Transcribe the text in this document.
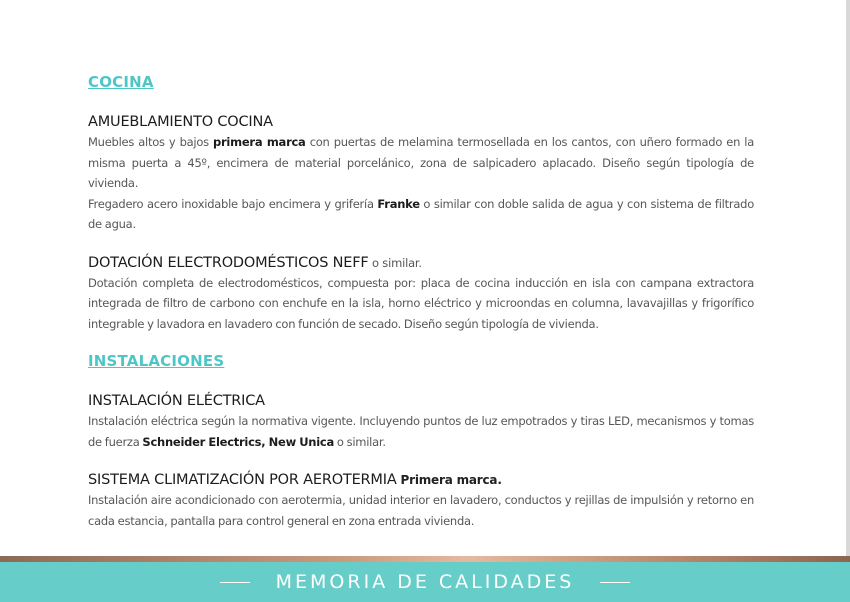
COCINA
AMUEBLAMIENTO COCINA

Muebles altos y bajos primera marca con puertas de melamina termosellada en los cantos, con uñero formado en la misma puerta a 45º, encimera de material porcelánico, zona de salpicadero aplacado. Diseño según tipología de vivienda.

Fregadero acero inoxidable bajo encimera y grifería Franke o similar con doble salida de agua y con sistema de filtrado de agua.

DOTACIÓN ELECTRODOMÉSTICOS NEFF o similar.

Dotación completa de electrodomésticos, compuesta por: placa de cocina inducción en isla con campana extractora integrada de filtro de carbono con enchufe en la isla, horno eléctrico y microondas en columna, lavavajillas y frigorífico integrable y lavadora en lavadero con función de secado. Diseño según tipología de vivienda.

INSTALACIONES
INSTALACIÓN ELÉCTRICA

Instalación eléctrica según la normativa vigente. Incluyendo puntos de luz empotrados y tiras LED, mecanismos y tomas de fuerza Schneider Electrics, New Unica o similar.

SISTEMA CLIMATIZACIÓN POR AEROTERMIA Primera marca.

Instalación aire acondicionado con aerotermia, unidad interior en lavadero, conductos y rejillas de impulsión y retorno en cada estancia, pantalla para control general en zona entrada vivienda.

MEMORIA DE CALIDADES
